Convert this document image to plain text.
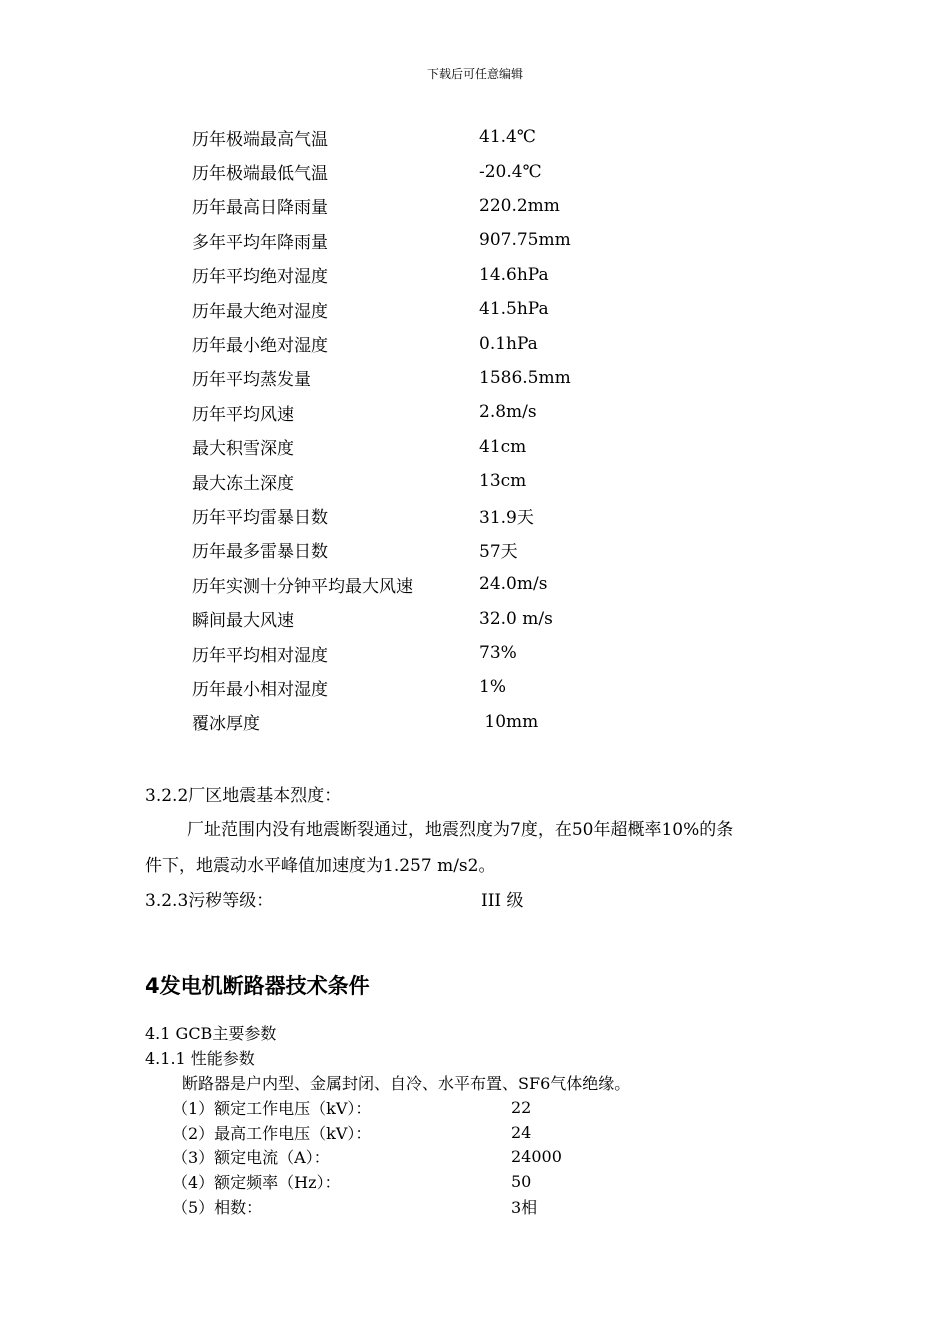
下载后可任意编辑
历年极端最高气温	41.4℃
历年极端最低气温	-20.4℃
历年最高日降雨量	220.2mm
多年平均年降雨量	907.75mm
历年平均绝对湿度	14.6hPa
历年最大绝对湿度	41.5hPa
历年最小绝对湿度	0.1hPa
历年平均蒸发量	1586.5mm
历年平均风速	2.8m/s
最大积雪深度	41cm
最大冻土深度	13cm
历年平均雷暴日数	31.9天
历年最多雷暴日数	57天
历年实测十分钟平均最大风速	24.0m/s
瞬间最大风速	32.0 m/s
历年平均相对湿度	73%
历年最小相对湿度	1%
覆冰厚度	10mm
3.2.2厂区地震基本烈度：
厂址范围内没有地震断裂通过，地震烈度为7度，在50年超概率10%的条
件下，地震动水平峰值加速度为1.257 m/s2。
3.2.3污秽等级：	III 级
4发电机断路器技术条件
4.1 GCB主要参数
4.1.1 性能参数
断路器是户内型、金属封闭、自冷、水平布置、SF6气体绝缘。
（1）额定工作电压（kV）：	22
（2）最高工作电压（kV）：	24
（3）额定电流（A）：	24000
（4）额定频率（Hz）：	50
（5）相数：	3相
